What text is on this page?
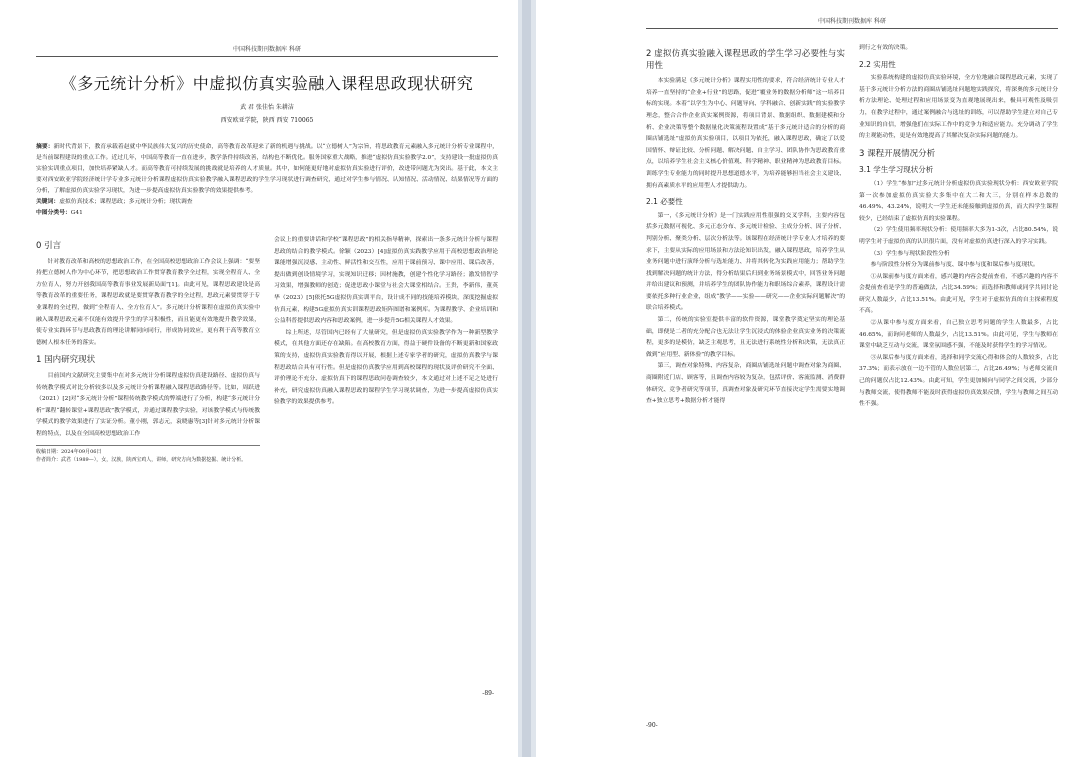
中国科技期刊数据库 科研
《多元统计分析》中虚拟仿真实验融入课程思政现状研究
武 君 张佳怡 朱耕洁
西安欧亚学院，陕西 西安 710065
摘要：新时代背景下，教育承载着赵就中华民族伟大复兴的历史使命，高等教育改革迎来了新的机遇与挑战。以“立德树人”为宗旨，将思政教育元素融入多元统计分析专业课程中，是当前课程建设的重点工作。近过几年，中国高等教育一直在进步，教学条件持续改善，结构也不断优化。服务国家重大战略，推进“虚拟仿真实验教学2.0”，支持建设一批虚拟仿真实验实训重点项目，加快培养紧缺人才。而高等教育可持续发展的挑战就是培养的人才质量。其中，如何能更好地对虚拟仿真实验进行评价，改进带问题尤为突出。基于此，本文主要对西安欧亚学院经济统计学专业多元统计分析课程虚拟仿真实验教学融入课程思政的学生学习现状进行调查研究，通过对学生参与情况、认知情况、活动情况、结果情况等方面的分析，了解虚拟仿真实验学习现状，为进一步提高虚拟仿真实验教学的效果提供参考。
关键词：虚拟仿真技术；课程思政；多元统计分析；现状调查
中图分类号：G41
0 引言

针对教育改革和高校的思想政治工作，在全国高校思想政治工作会议上强调：“要坚持把立德树人作为中心环节，把思想政治工作贯穿教育教学全过程，实现全程育人、全方位育人，努力开创我国高等教育事业发展新局面”[1]。由此可见，课程思政建设是高等教育改革的重要任务，课程思政就是要贯穿教育教学的全过程，思政元素要贯穿于专业课程的全过程，做到“全程育人、全方位育人”。多元统计分析课程在虚拟仿真实验中融入课程思政元素不仅能有效提升学生的学习积极性，而且能更有效地提升教学效果，使专业实践环节与思政教育的理论讲解同向同行，形成协同效应，更有利于高等教育立德树人根本任务的落实。

1 国内研究现状

目前国内文献研究主要集中在对多元统计分析课程虚拟仿真建设路径、虚拟仿真与传统教学模式对比分析较多以及多元统计分析课程融入课程思政路径等。比如，周跃进（2021）[2]对“多元统计分析”课程传统教学模式的弊端进行了分析，构建“多元统计分析”课程“翻转课堂+课程思政”教学模式，并通过课程教学实验，对该教学模式与传统教学模式的教学效果进行了实证分析。董小刚，郭志元，袁晓惠等[3]针对多元统计分析课程的特点，以及在全国高校思想政治工作

收稿日期：2024年09月06日
作者简介：武君（1989—），女，汉族，陕西宝鸡人，讲师，研究方向为数据挖掘、统计分析。

会议上的重要讲话和学校“课程思政”的相关指导精神，探索出一条多元统计分析与课程思政的结合的教学模式。徐颖（2023）[4]虚拟仿真实践教学应用于高校思想政治理论课能增强沉浸感、主动性、鲜活性和交互性，应用于课前预习、课中应用、课后改善，提出做到创设情境学习，实现知识迁移；因材施教，创建个性化学习路径；激发情智学习效果，增强教师的创造；促进思政小课堂与社会大课堂相结合。王贵，李新伟，董英华（2023）[5]依托5G虚拟仿真实训平台，设计成不同的技能培养模块，深度挖掘虚拟仿真元素，构建5G虚拟仿真实训课程思政矩阵图谱和案例库。为课程教学、企业培训和公益科普提供思政内容和思政案例，进一步提升5G相关课程人才效果。

综上所述，尽管国内已经有了大量研究，但是虚拟仿真实验教学作为一种新型教学模式，在其他方面还存在缺陷。在高校教育方面，得益于硬件设备的不断更新和国家政策的支持，虚拟仿真实验教育得以开展，根据上述专家学者的研究，虚拟仿真教学与课程思政结合具有可行性。但是虚拟仿真教学应用到高校课程的现状及评价研究不全面、评价理论不充分、虚拟仿真下的课程思政问卷调查较少，本文通过对上述不足之处进行补充，研究虚拟仿真融入课程思政的课程学生学习现状调查，为进一步提高虚拟仿真实验教学的效果提供参考。

-89-
中国科技期刊数据库 科研
2 虚拟仿真实验融入课程思政的学生学习必要性与实用性

本实验满足《多元统计分析》课程实用性的要求，符合经济统计专业人才培养一直坚持的“企业+行业”的思路，促进“覆业务的数据分析师”这一培养目标的实现。本着“以学生为中心、问题导向、学科融合、创新实践”的实验教学理念，整合合作企业真实案例资源，将项目背景、数据组织、数据建模和分析、企业决策等整个数据量化决策流程设置成“基于多元统计适合的分析的商圈店铺选址”虚拟仿真实验项目，以项目为依托，融入课程思政，确定了以爱国情怀、辩证比较、分析问题、解决问题、自主学习、团队协作为思政教育重点，以培养学生社会主义核心价值观、科学精神、职业精神为思政教育目标。训练学生专业能力的同时提升思想道德水平，为培养能够担当社会主义建设、拥有高素质水平的应用型人才提供助力。

2.1 必要性

第一，《多元统计分析》是一门实践应用性很强的交叉学科，主要内容包括多元数据可视化、多元正态分布、多元统计检验、主成分分析、因子分析、判别分析、聚类分析、层次分析法等。该课程在经济统计学专业人才培养的要求下，主要从实际的应用场景和方法论知识出发，融入课程思政，培养学生从业务问题中进行演绎分析与选址能力、并将其转化为实践应用能力；帮助学生找到解决问题的统计方法，得分析结果后归到业务场景模式中，回答业务问题并给出建议和预测，并培养学生的团队协作能力和职场综合素养，课程设计需要依托多种行业企业，组成“教学——实验——研究——企业实际问题解决”的联合培养模式。

第二，传统的实验室提供丰富的软件资源，课堂教学奠定坚实的理论基础，即便是二者的充分配合也无法让学生沉浸式的体验企业真实业务的决策流程，更多的是模仿，缺乏主观思考，且无法进行系统性分析和决策，无法真正做到“应用型、新体验”的教学目标。

第三，调查对象特殊、内容复杂，商圈店铺选址问题中调查对象为商圈、商圈附近门店、顾客等，且调查内容较为复杂，包括评价、客流监测、消费群体研究、竞争者研究等项节，真调查对象及研究环节直接决定学生需要实地调查+独立思考+数据分析才能得

到行之有效的决策。

2.2 实用性

实验系统构建的虚拟仿真实验环境，全方位地融合课程思政元素，实现了基于多元统计分析方法的商圈店铺选址问题地实践探究，将深奥的多元统计分析方法理论、处理过程和应用场景变为直观地展现出来，极具可观性及吸引力，在教学过程中，通过案例融合与选址的训练，可以帮助学生建立对自己专业知识的自信，增强他们在实际工作中的竞争力和适应能力。充分调动了学生的主观能动性，更是有效地提高了其解决复杂实际问题的能力。

3 课程开展情况分析
3.1 学生学习现状分析

（1）学生“参加”过多元统计分析虚拟仿真实验现状分析：西安欧亚学院第一次参加虚拟仿真实验大多集中在大二和大三，分别在样本总数的46.49%、43.24%，说明大一学生还未能接触到虚拟仿真，而大四学生课程较少，已经结束了虚拟仿真的实验课程。

（2）学生使用频率现状分析：使用频率大多为1-3次，占比80.54%，说明学生对于虚拟仿真的认识很片面，没有对虚拟仿真进行深入的学习实践。

（3）学生参与现状阶段性分析

参与阶段性分析分为课前参与度、课中参与度和课后参与度现状。

①从课前参与度方面来看，感兴趣的内容会提前查看，不感兴趣的内容不会提前查看是学生的普遍做法，占比34.59%；而选择和教师或同学共同讨论研究人数最少，占比13.51%。由此可见，学生对于虚拟仿真的自主探索程度不高。

②从课中参与度方面来看，自己独立思考问题的学生人数最多，占比46.65%，而询问老师的人数最少，占比13.51%。由此可见，学生与教师在课堂中缺乏互动与交流，课堂氛围感不强，不能及时获得学生的学习情况。

③从课后参与度方面来看，选择和同学交流心得和体会的人数较多，占比37.3%；而表示放在一边不管的人数位居第二，占比26.49%；与老师交流自己的问题仅占比12.43%。由此可知，学生更加倾向与同学之间交流，少部分与教师交流，使得教师不能及时获得虚拟仿真效果反馈，学生与教师之间互动性不强。

-90-
